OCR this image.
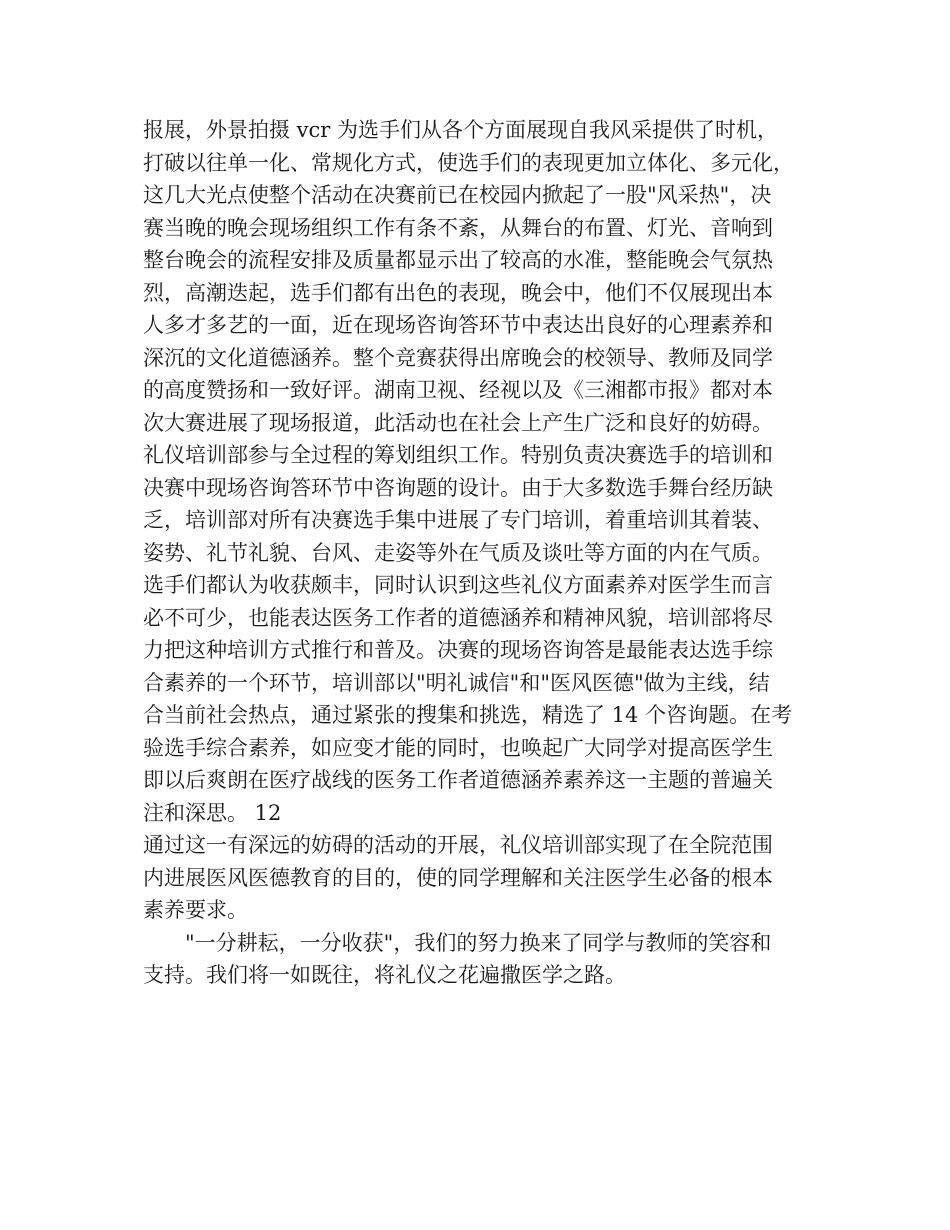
报展，外景拍摄 vcr 为选手们从各个方面展现自我风采提供了时机，
打破以往单一化、常规化方式，使选手们的表现更加立体化、多元化，
这几大光点使整个活动在决赛前已在校园内掀起了一股"风采热"，决
赛当晚的晚会现场组织工作有条不紊，从舞台的布置、灯光、音响到
整台晚会的流程安排及质量都显示出了较高的水准，整能晚会气氛热
烈，高潮迭起，选手们都有出色的表现，晚会中，他们不仅展现出本
人多才多艺的一面，近在现场咨询答环节中表达出良好的心理素养和
深沉的文化道德涵养。整个竞赛获得出席晚会的校领导、教师及同学
的高度赞扬和一致好评。湖南卫视、经视以及《三湘都市报》都对本
次大赛进展了现场报道，此活动也在社会上产生广泛和良好的妨碍。
礼仪培训部参与全过程的筹划组织工作。特别负责决赛选手的培训和
决赛中现场咨询答环节中咨询题的设计。由于大多数选手舞台经历缺
乏，培训部对所有决赛选手集中进展了专门培训，着重培训其着装、
姿势、礼节礼貌、台风、走姿等外在气质及谈吐等方面的内在气质。
选手们都认为收获颇丰，同时认识到这些礼仪方面素养对医学生而言
必不可少，也能表达医务工作者的道德涵养和精神风貌，培训部将尽
力把这种培训方式推行和普及。决赛的现场咨询答是最能表达选手综
合素养的一个环节，培训部以"明礼诚信"和"医风医德"做为主线，结
合当前社会热点，通过紧张的搜集和挑选，精选了 14 个咨询题。在考
验选手综合素养，如应变才能的同时，也唤起广大同学对提高医学生
即以后爽朗在医疗战线的医务工作者道德涵养素养这一主题的普遍关
注和深思。 12
通过这一有深远的妨碍的活动的开展，礼仪培训部实现了在全院范围
内进展医风医德教育的目的，使的同学理解和关注医学生必备的根本
素养要求。
"一分耕耘，一分收获"，我们的努力换来了同学与教师的笑容和
支持。我们将一如既往，将礼仪之花遍撒医学之路。
